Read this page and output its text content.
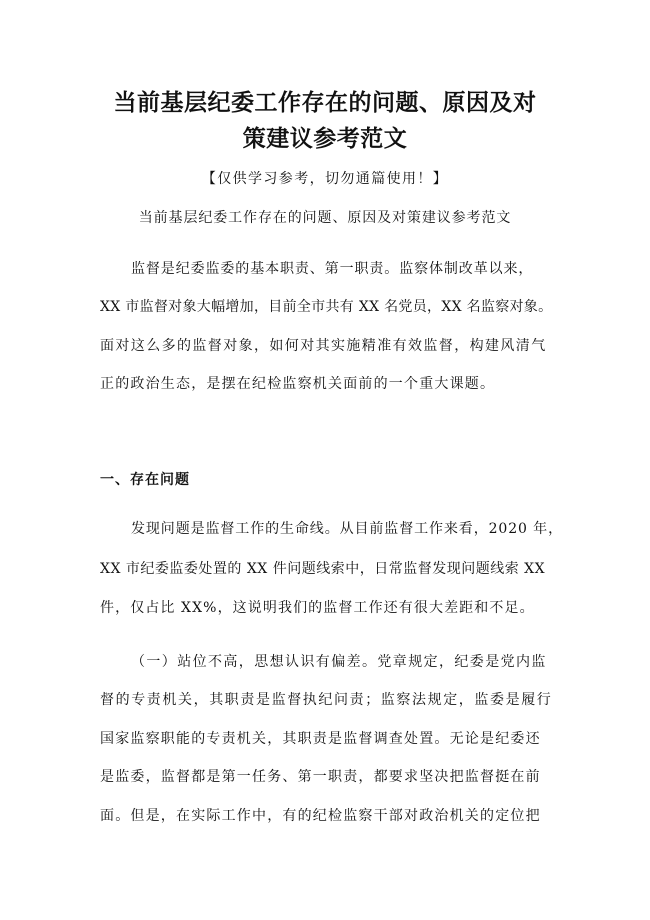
当前基层纪委工作存在的问题、原因及对
策建议参考范文
【仅供学习参考，切勿通篇使用！】
当前基层纪委工作存在的问题、原因及对策建议参考范文

监督是纪委监委的基本职责、第一职责。监察体制改革以来，

XX 市监督对象大幅增加，目前全市共有 XX 名党员，XX 名监察对象。

面对这么多的监督对象，如何对其实施精准有效监督，构建风清气

正的政治生态，是摆在纪检监察机关面前的一个重大课题。

一、存在问题

发现问题是监督工作的生命线。从目前监督工作来看，2020 年，

XX 市纪委监委处置的 XX 件问题线索中，日常监督发现问题线索 XX

件，仅占比 XX%，这说明我们的监督工作还有很大差距和不足。

（一）站位不高，思想认识有偏差。党章规定，纪委是党内监

督的专责机关，其职责是监督执纪问责；监察法规定，监委是履行

国家监察职能的专责机关，其职责是监督调查处置。无论是纪委还

是监委，监督都是第一任务、第一职责，都要求坚决把监督挺在前

面。但是，在实际工作中，有的纪检监察干部对政治机关的定位把
